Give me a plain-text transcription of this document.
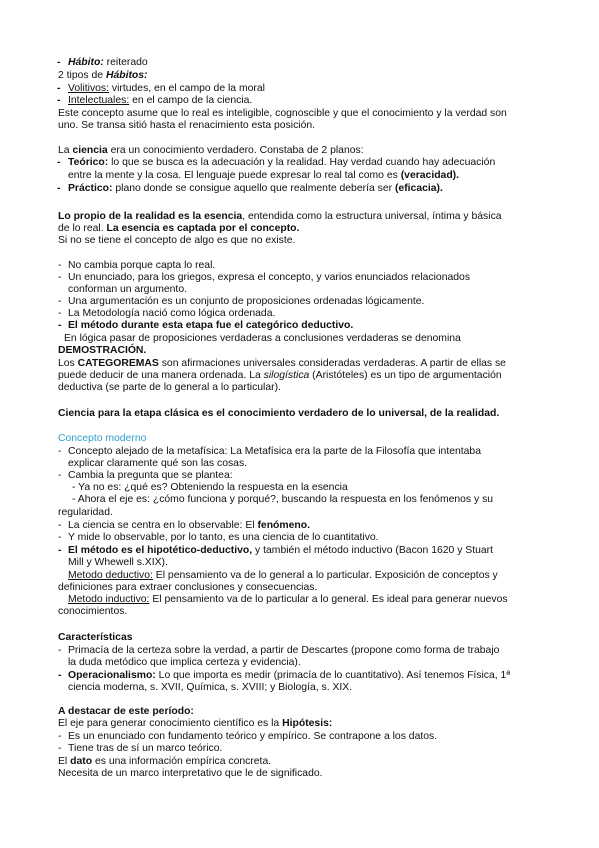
- Hábito: reiterado
2 tipos de Hábitos:
- Volitivos: virtudes, en el campo de la moral
- Intelectuales: en el campo de la ciencia.
Este concepto asume que lo real es inteligible, cognoscible y que el conocimiento y la verdad son
uno. Se transa sitió hasta el renacimiento esta posición.
La ciencia era un conocimiento verdadero. Constaba de 2 planos:
- Teórico: lo que se busca es la adecuación y la realidad. Hay verdad cuando hay adecuación
entre la mente y la cosa. El lenguaje puede expresar lo real tal como es (veracidad).
- Práctico: plano donde se consigue aquello que realmente debería ser (eficacia).
Lo propio de la realidad es la esencia, entendida como la estructura universal, íntima y básica
de lo real. La esencia es captada por el concepto.
Si no se tiene el concepto de algo es que no existe.
- No cambia porque capta lo real.
- Un enunciado, para los griegos, expresa el concepto, y varios enunciados relacionados
conforman un argumento.
- Una argumentación es un conjunto de proposiciones ordenadas lógicamente.
- La Metodología nació como lógica ordenada.
- El método durante esta etapa fue el categórico deductivo.
En lógica pasar de proposiciones verdaderas a conclusiones verdaderas se denomina
DEMOSTRACIÓN.
Los CATEGOREMAS son afirmaciones universales consideradas verdaderas. A partir de ellas se
puede deducir de una manera ordenada. La silogística (Aristóteles) es un tipo de argumentación
deductiva (se parte de lo general a lo particular).
Ciencia para la etapa clásica es el conocimiento verdadero de lo universal, de la realidad.
Concepto moderno
- Concepto alejado de la metafísica: La Metafísica era la parte de la Filosofía que intentaba
explicar claramente qué son las cosas.
- Cambia la pregunta que se plantea:
- Ya no es: ¿qué es? Obteniendo la respuesta en la esencia
- Ahora el eje es: ¿cómo funciona y porqué?, buscando la respuesta en los fenómenos y su
regularidad.
- La ciencia se centra en lo observable: El fenómeno.
- Y mide lo observable, por lo tanto, es una ciencia de lo cuantitativo.
- El método es el hipotético-deductivo, y también el método inductivo (Bacon 1620 y Stuart
Mill y Whewell s.XIX).
Metodo deductivo: El pensamiento va de lo general a lo particular. Exposición de conceptos y
definiciones para extraer conclusiones y consecuencias.
Metodo inductivo: El pensamiento va de lo particular a lo general. Es ideal para generar nuevos
conocimientos.
Características
- Primacía de la certeza sobre la verdad, a partir de Descartes (propone como forma de trabajo
la duda metódico que implica certeza y evidencia).
- Operacionalismo: Lo que importa es medir (primacía de lo cuantitativo). Así tenemos Física, 1ª
ciencia moderna, s. XVII, Química, s. XVIII; y Biología, s. XIX.
A destacar de este período:
El eje para generar conocimiento científico es la Hipótesis:
- Es un enunciado con fundamento teórico y empírico. Se contrapone a los datos.
- Tiene tras de sí un marco teórico.
El dato es una información empírica concreta.
Necesita de un marco interpretativo que le de significado.
